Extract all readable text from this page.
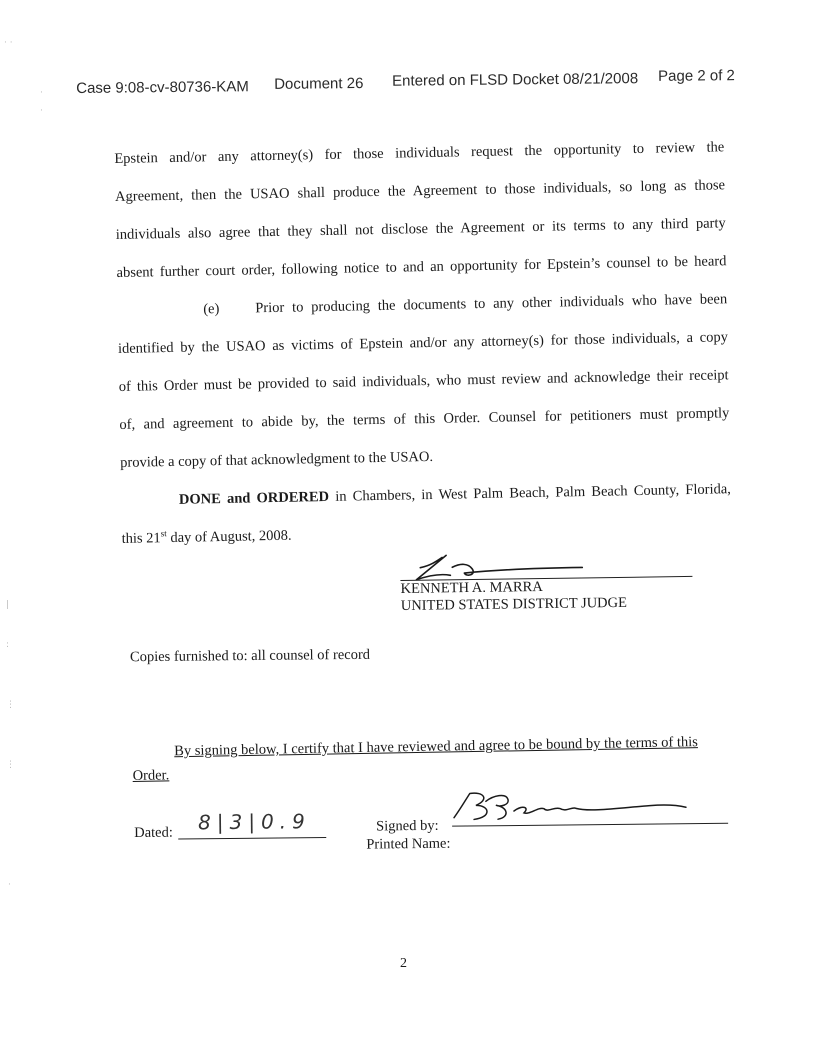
· ·
·
·
|
:
⋮
⋮
·
Case 9:08-cv-80736-KAM Document 26 Entered on FLSD Docket 08/21/2008 Page 2 of 2
Epstein and/or any attorney(s) for those individuals request the opportunity to review the
Agreement, then the USAO shall produce the Agreement to those individuals, so long as those
individuals also agree that they shall not disclose the Agreement or its terms to any third party
absent further court order, following notice to and an opportunity for Epstein’s counsel to be heard
(e) Prior to producing the documents to any other individuals who have been
identified by the USAO as victims of Epstein and/or any attorney(s) for those individuals, a copy
of this Order must be provided to said individuals, who must review and acknowledge their receipt
of, and agreement to abide by, the terms of this Order. Counsel for petitioners must promptly
provide a copy of that acknowledgment to the USAO.
DONE and ORDERED in Chambers, in West Palm Beach, Palm Beach County, Florida,
this 21st day of August, 2008.
KENNETH A. MARRA
UNITED STATES DISTRICT JUDGE
Copies furnished to: all counsel of record
By signing below, I certify that I have reviewed and agree to be bound by the terms of this
Order.
Dated: 8|3|0.9	Signed by:
Printed Name:
2
